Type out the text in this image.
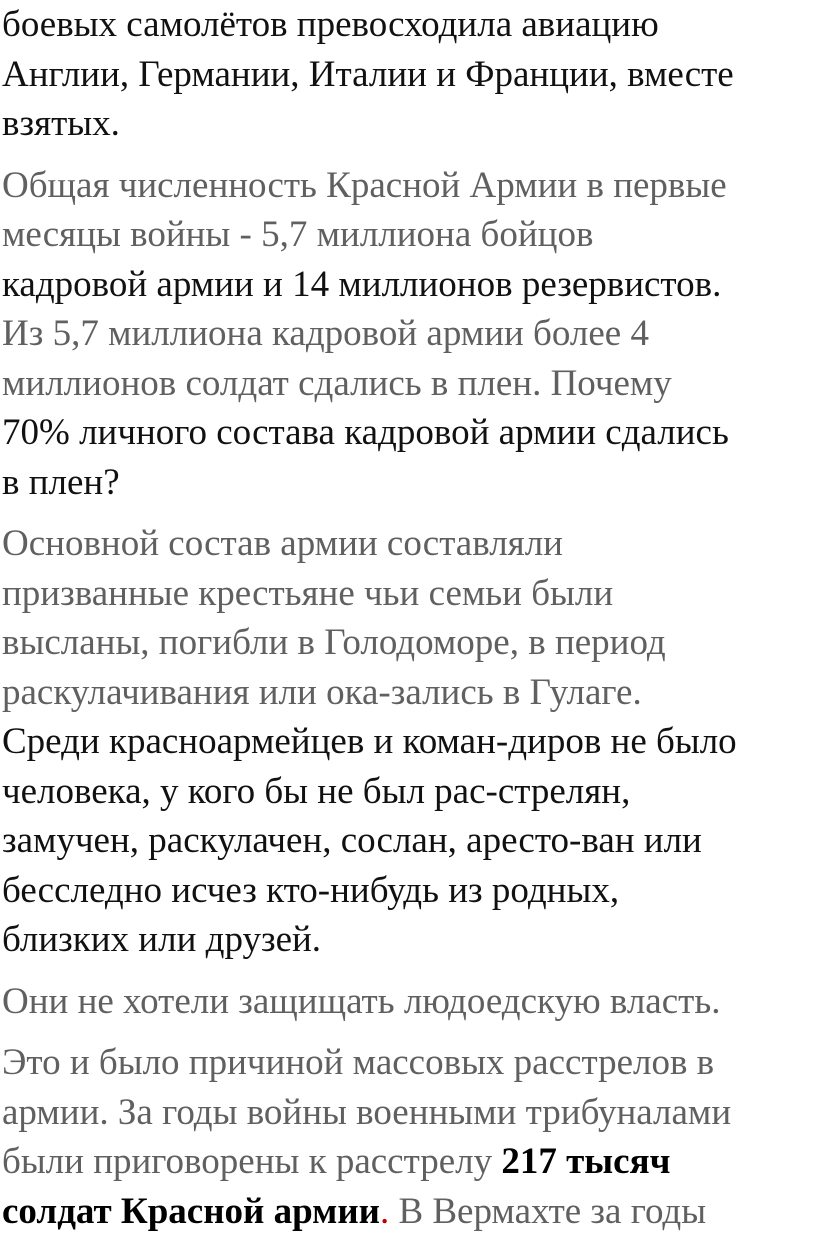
боевых самолётов превосходила авиацию
Англии, Германии, Италии и Франции, вместе
взятых.

Общая численность Красной Армии в первые
месяцы войны - 5,7 миллиона бойцов
кадровой армии и 14 миллионов резервистов.
Из 5,7 миллиона кадровой армии более 4
миллионов солдат сдались в плен. Почему
70% личного состава кадровой армии сдались
в плен?

Основной состав армии составляли
призванные крестьяне чьи семьи были
высланы, погибли в Голодоморе, в период
раскулачивания или ока-зались в Гулаге.
Среди красноармейцев и коман-диров не было
человека, у кого бы не был рас-стрелян,
замучен, раскулачен, сослан, аресто-ван или
бесследно исчез кто-нибудь из родных,
близких или друзей.

Они не хотели защищать людоедскую власть.

Это и было причиной массовых расстрелов в
армии. За годы войны военными трибуналами
были приговорены к расстрелу 217 тысяч
солдат Красной армии. В Вермахте за годы
